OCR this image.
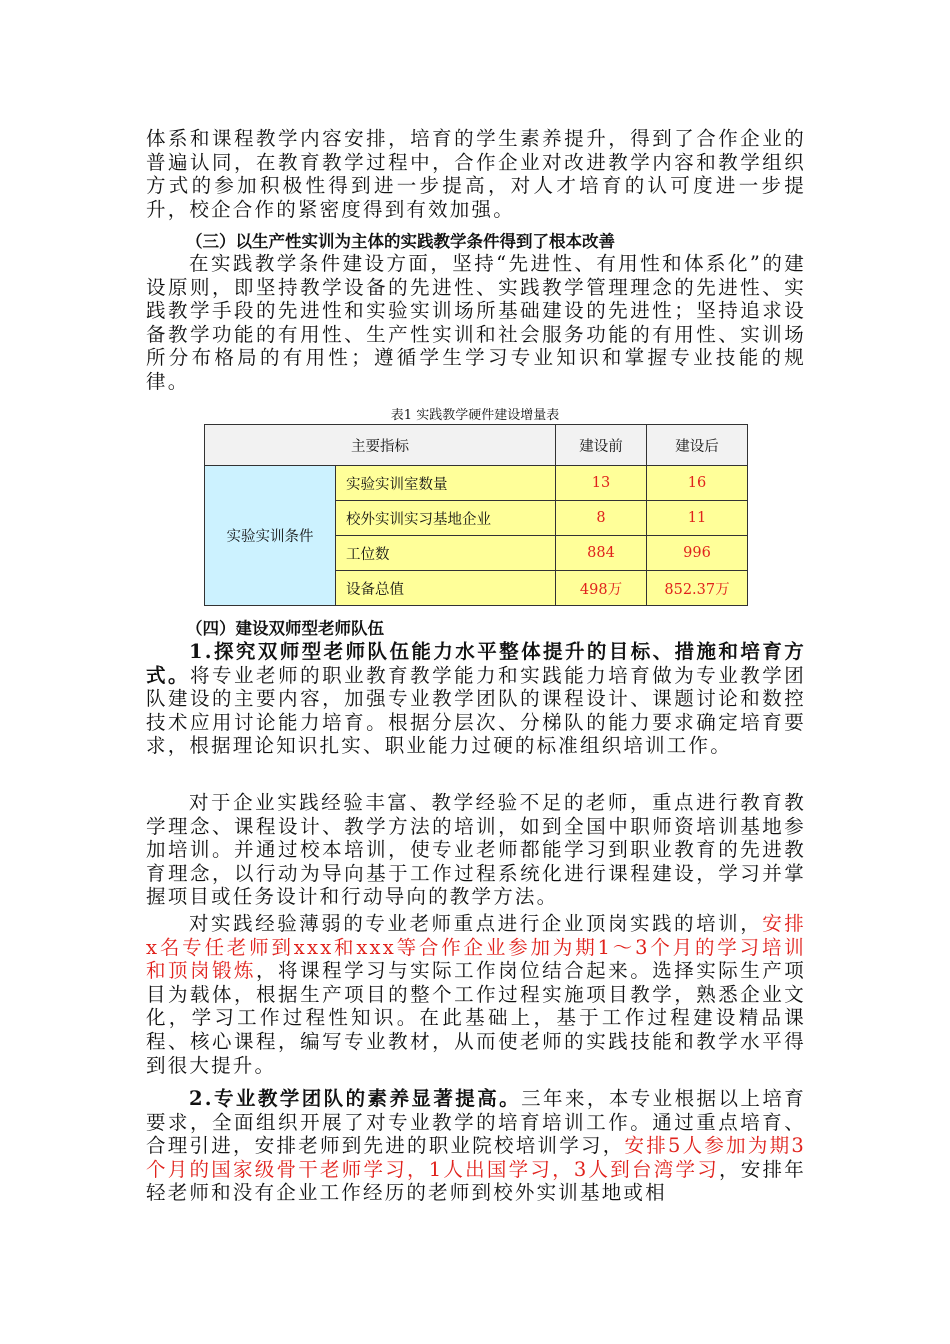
体系和课程教学内容安排，培育的学生素养提升，得到了合作企业的普遍认同，在教育教学过程中，合作企业对改进教学内容和教学组织方式的参加积极性得到进一步提高，对人才培育的认可度进一步提升，校企合作的紧密度得到有效加强。

（三）以生产性实训为主体的实践教学条件得到了根本改善

在实践教学条件建设方面，坚持“先进性、有用性和体系化”的建设原则，即坚持教学设备的先进性、实践教学管理理念的先进性、实践教学手段的先进性和实验实训场所基础建设的先进性；坚持追求设备教学功能的有用性、生产性实训和社会服务功能的有用性、实训场所分布格局的有用性；遵循学生学习专业知识和掌握专业技能的规律。

表1 实践教学硬件建设增量表

主要指标		建设前	建设后
实验实训条件	实验实训室数量	13	16
	校外实训实习基地企业	8	11
	工位数	884	996
	设备总值	498万	852.37万

（四）建设双师型老师队伍

1.探究双师型老师队伍能力水平整体提升的目标、措施和培育方式。将专业老师的职业教育教学能力和实践能力培育做为专业教学团队建设的主要内容，加强专业教学团队的课程设计、课题讨论和数控技术应用讨论能力培育。根据分层次、分梯队的能力要求确定培育要求，根据理论知识扎实、职业能力过硬的标准组织培训工作。

对于企业实践经验丰富、教学经验不足的老师，重点进行教育教学理念、课程设计、教学方法的培训，如到全国中职师资培训基地参加培训。并通过校本培训，使专业老师都能学习到职业教育的先进教育理念，以行动为导向基于工作过程系统化进行课程建设，学习并掌握项目或任务设计和行动导向的教学方法。

对实践经验薄弱的专业老师重点进行企业顶岗实践的培训，安排x名专任老师到xxx和xxx等合作企业参加为期1～3个月的学习培训和顶岗锻炼，将课程学习与实际工作岗位结合起来。选择实际生产项目为载体，根据生产项目的整个工作过程实施项目教学，熟悉企业文化，学习工作过程性知识。在此基础上，基于工作过程建设精品课程、核心课程，编写专业教材，从而使老师的实践技能和教学水平得到很大提升。

2.专业教学团队的素养显著提高。三年来，本专业根据以上培育要求，全面组织开展了对专业教学的培育培训工作。通过重点培育、合理引进，安排老师到先进的职业院校培训学习，安排5人参加为期3个月的国家级骨干老师学习，1人出国学习，3人到台湾学习，安排年轻老师和没有企业工作经历的老师到校外实训基地或相
